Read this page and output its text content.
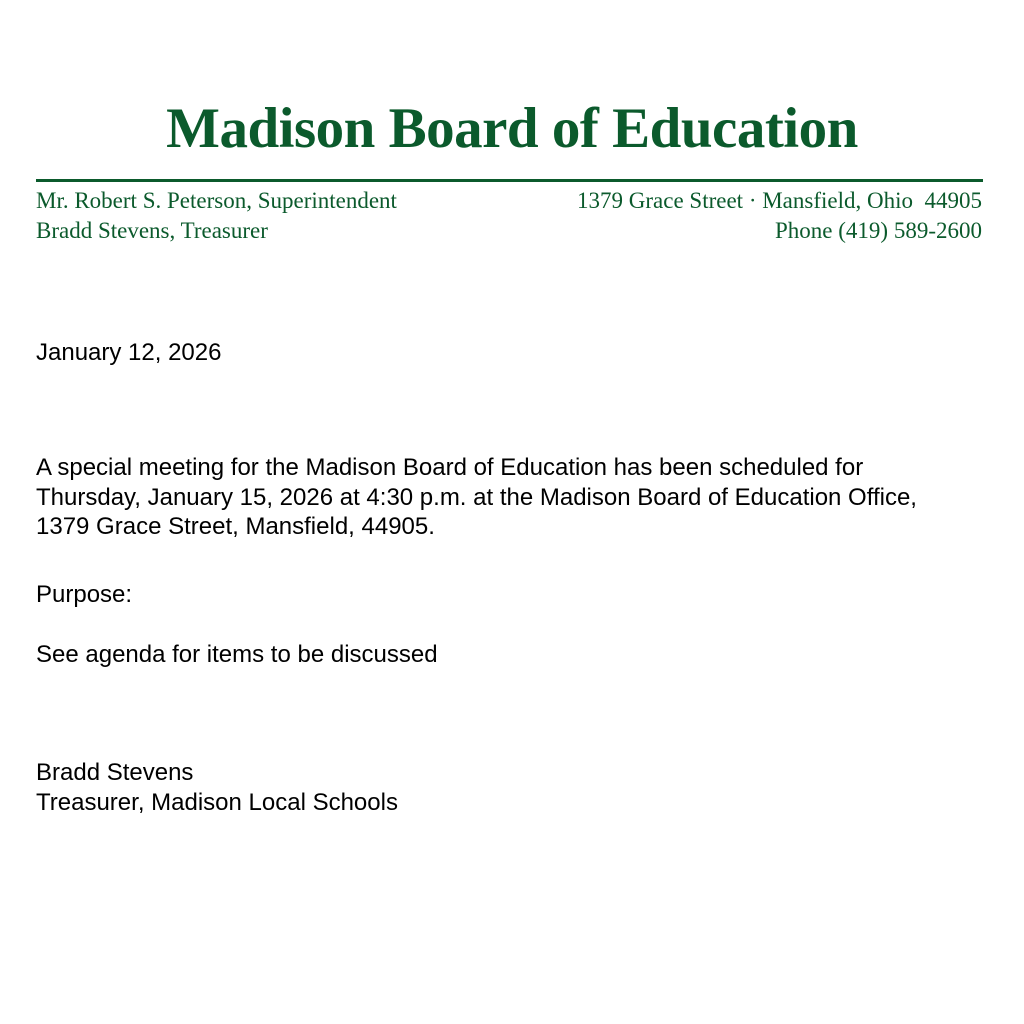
Madison Board of Education
Mr. Robert S. Peterson, Superintendent
Bradd Stevens, Treasurer
1379 Grace Street · Mansfield, Ohio  44905
Phone (419) 589-2600
January 12, 2026
A special meeting for the Madison Board of Education has been scheduled for Thursday, January 15, 2026 at 4:30 p.m. at the Madison Board of Education Office, 1379 Grace Street, Mansfield, 44905.
Purpose:
See agenda for items to be discussed
Bradd Stevens
Treasurer, Madison Local Schools
